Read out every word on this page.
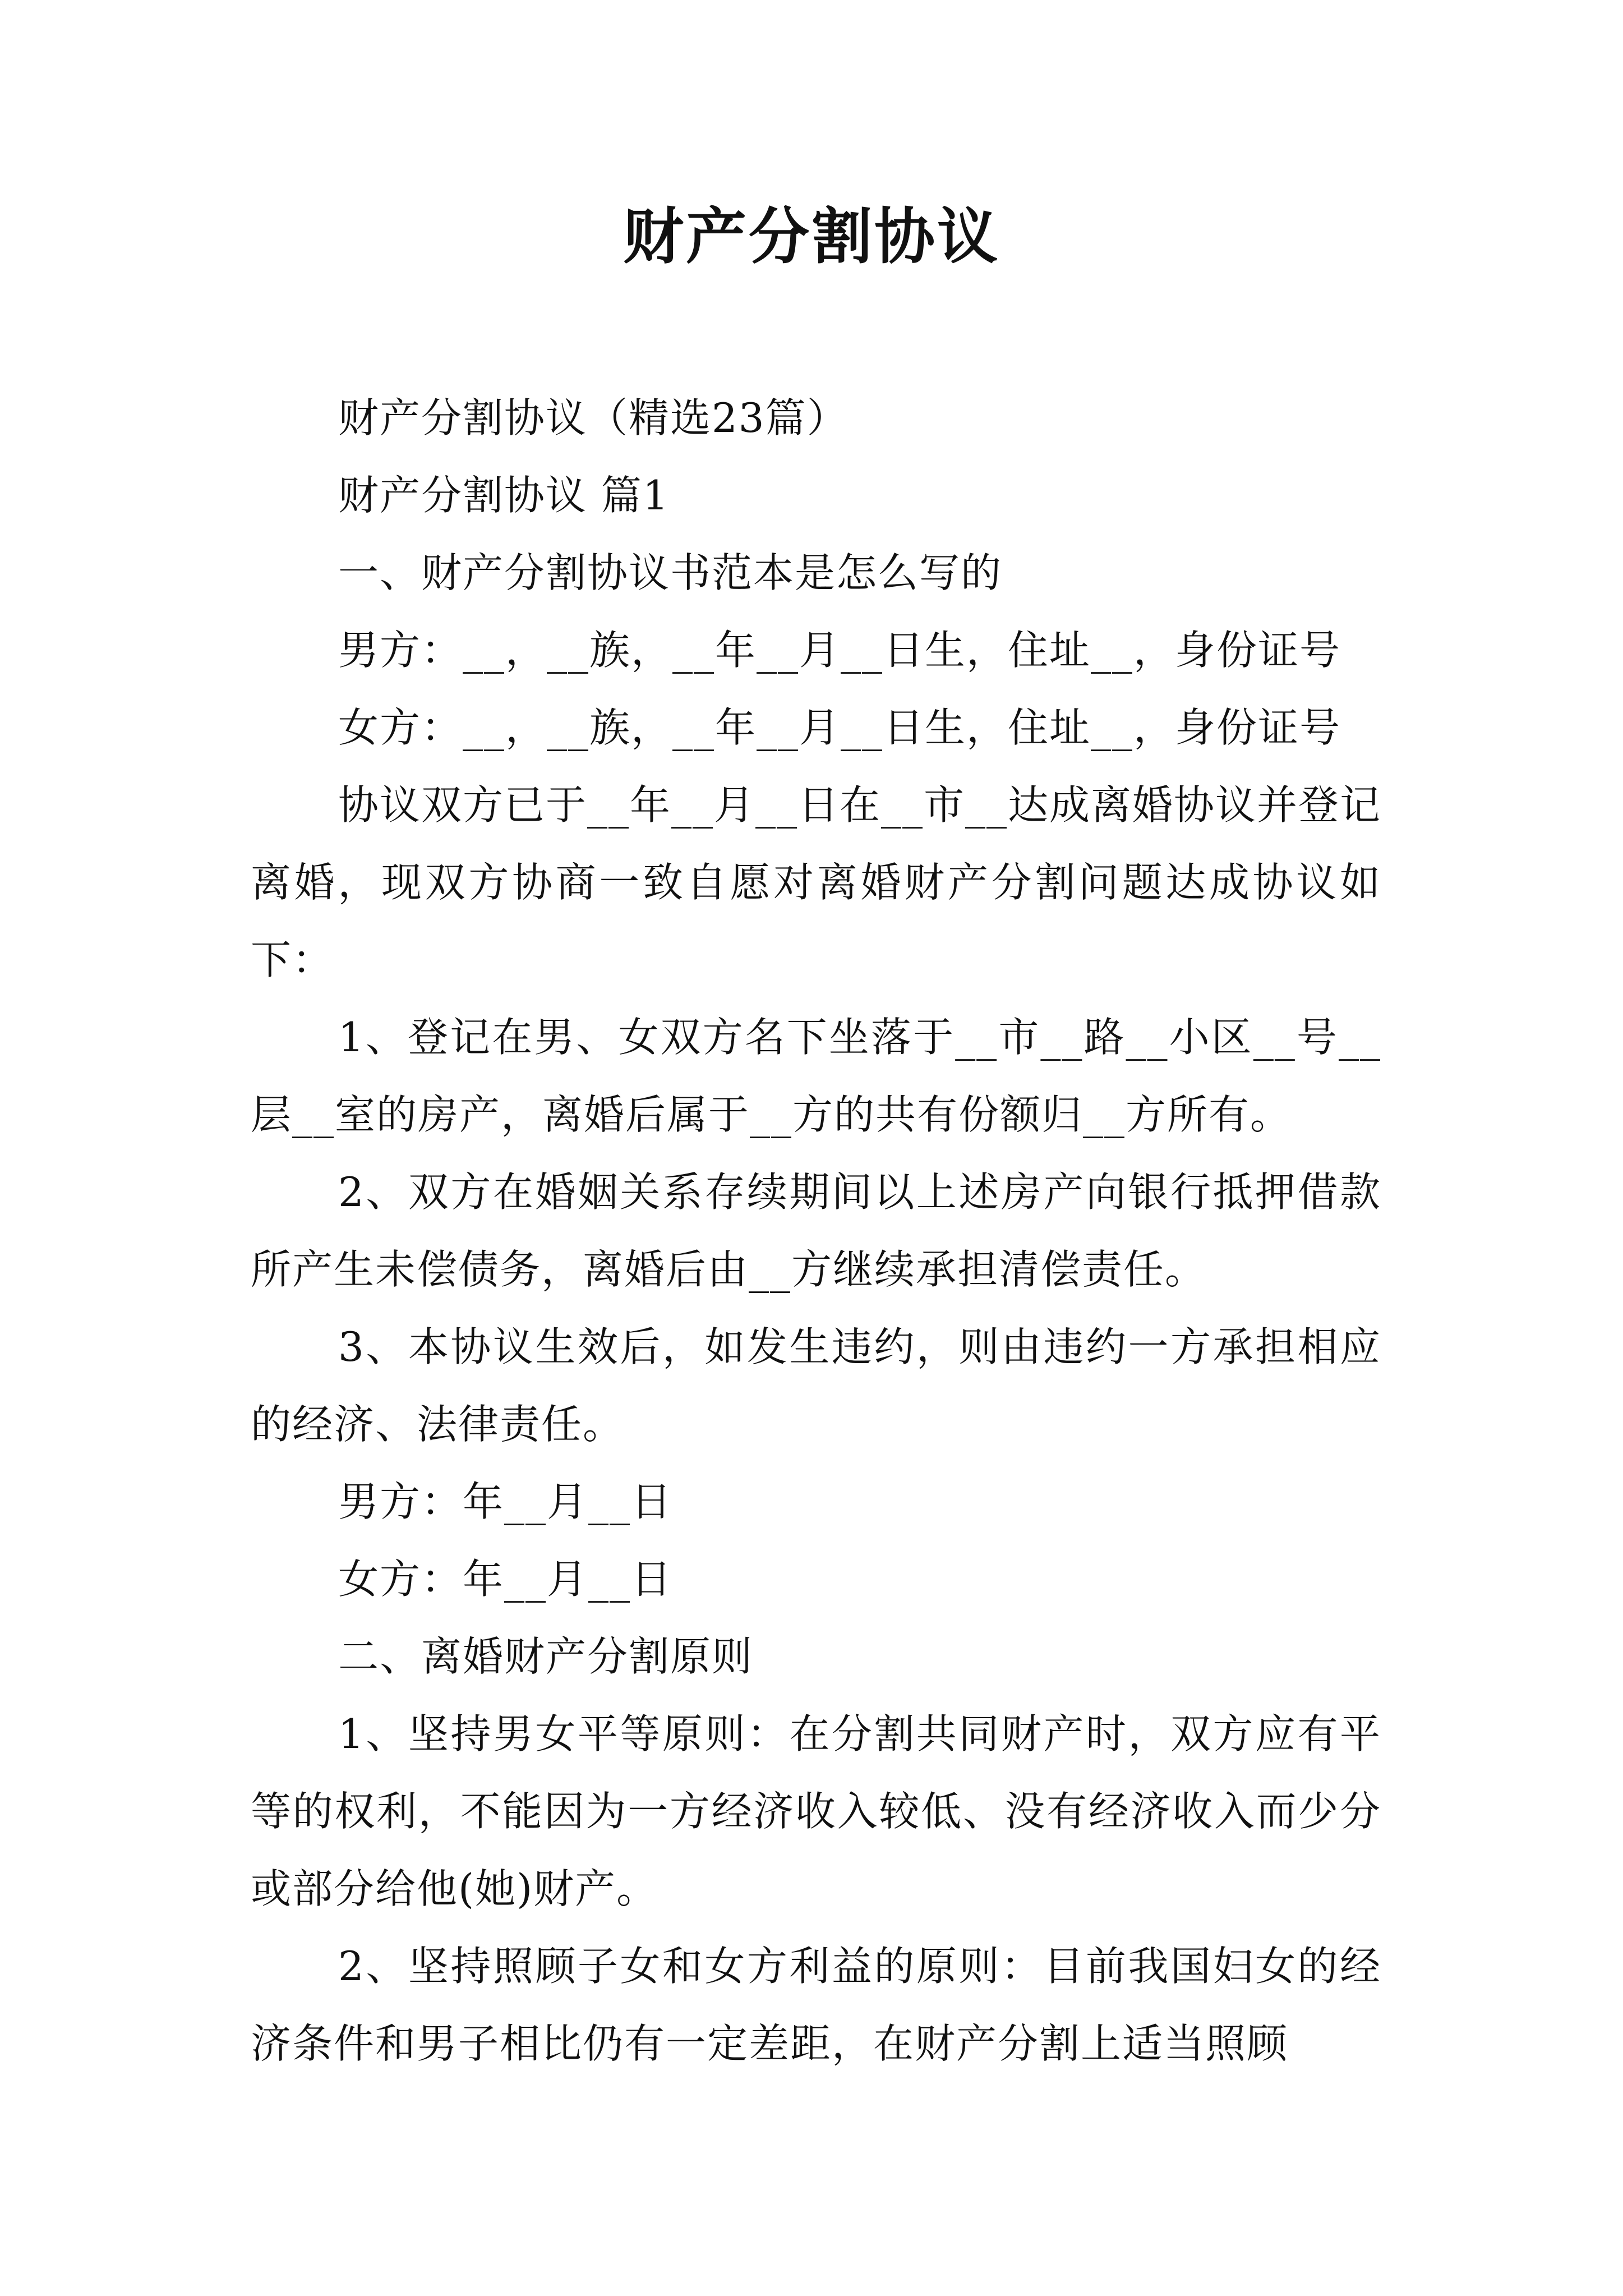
财产分割协议

财产分割协议（精选23篇）

财产分割协议 篇1

一、财产分割协议书范本是怎么写的

男方：__，__族，__年__月__日生，住址__，身份证号

女方：__，__族，__年__月__日生，住址__，身份证号

协议双方已于__年__月__日在__市__达成离婚协议并登记离婚，现双方协商一致自愿对离婚财产分割问题达成协议如下：

1、登记在男、女双方名下坐落于__市__路__小区__号__层__室的房产，离婚后属于__方的共有份额归__方所有。

2、双方在婚姻关系存续期间以上述房产向银行抵押借款所产生未偿债务，离婚后由__方继续承担清偿责任。

3、本协议生效后，如发生违约，则由违约一方承担相应的经济、法律责任。

男方：年__月__日

女方：年__月__日

二、离婚财产分割原则

1、坚持男女平等原则：在分割共同财产时，双方应有平等的权利，不能因为一方经济收入较低、没有经济收入而少分或部分给他(她)财产。

2、坚持照顾子女和女方利益的原则：目前我国妇女的经济条件和男子相比仍有一定差距，在财产分割上适当照顾
